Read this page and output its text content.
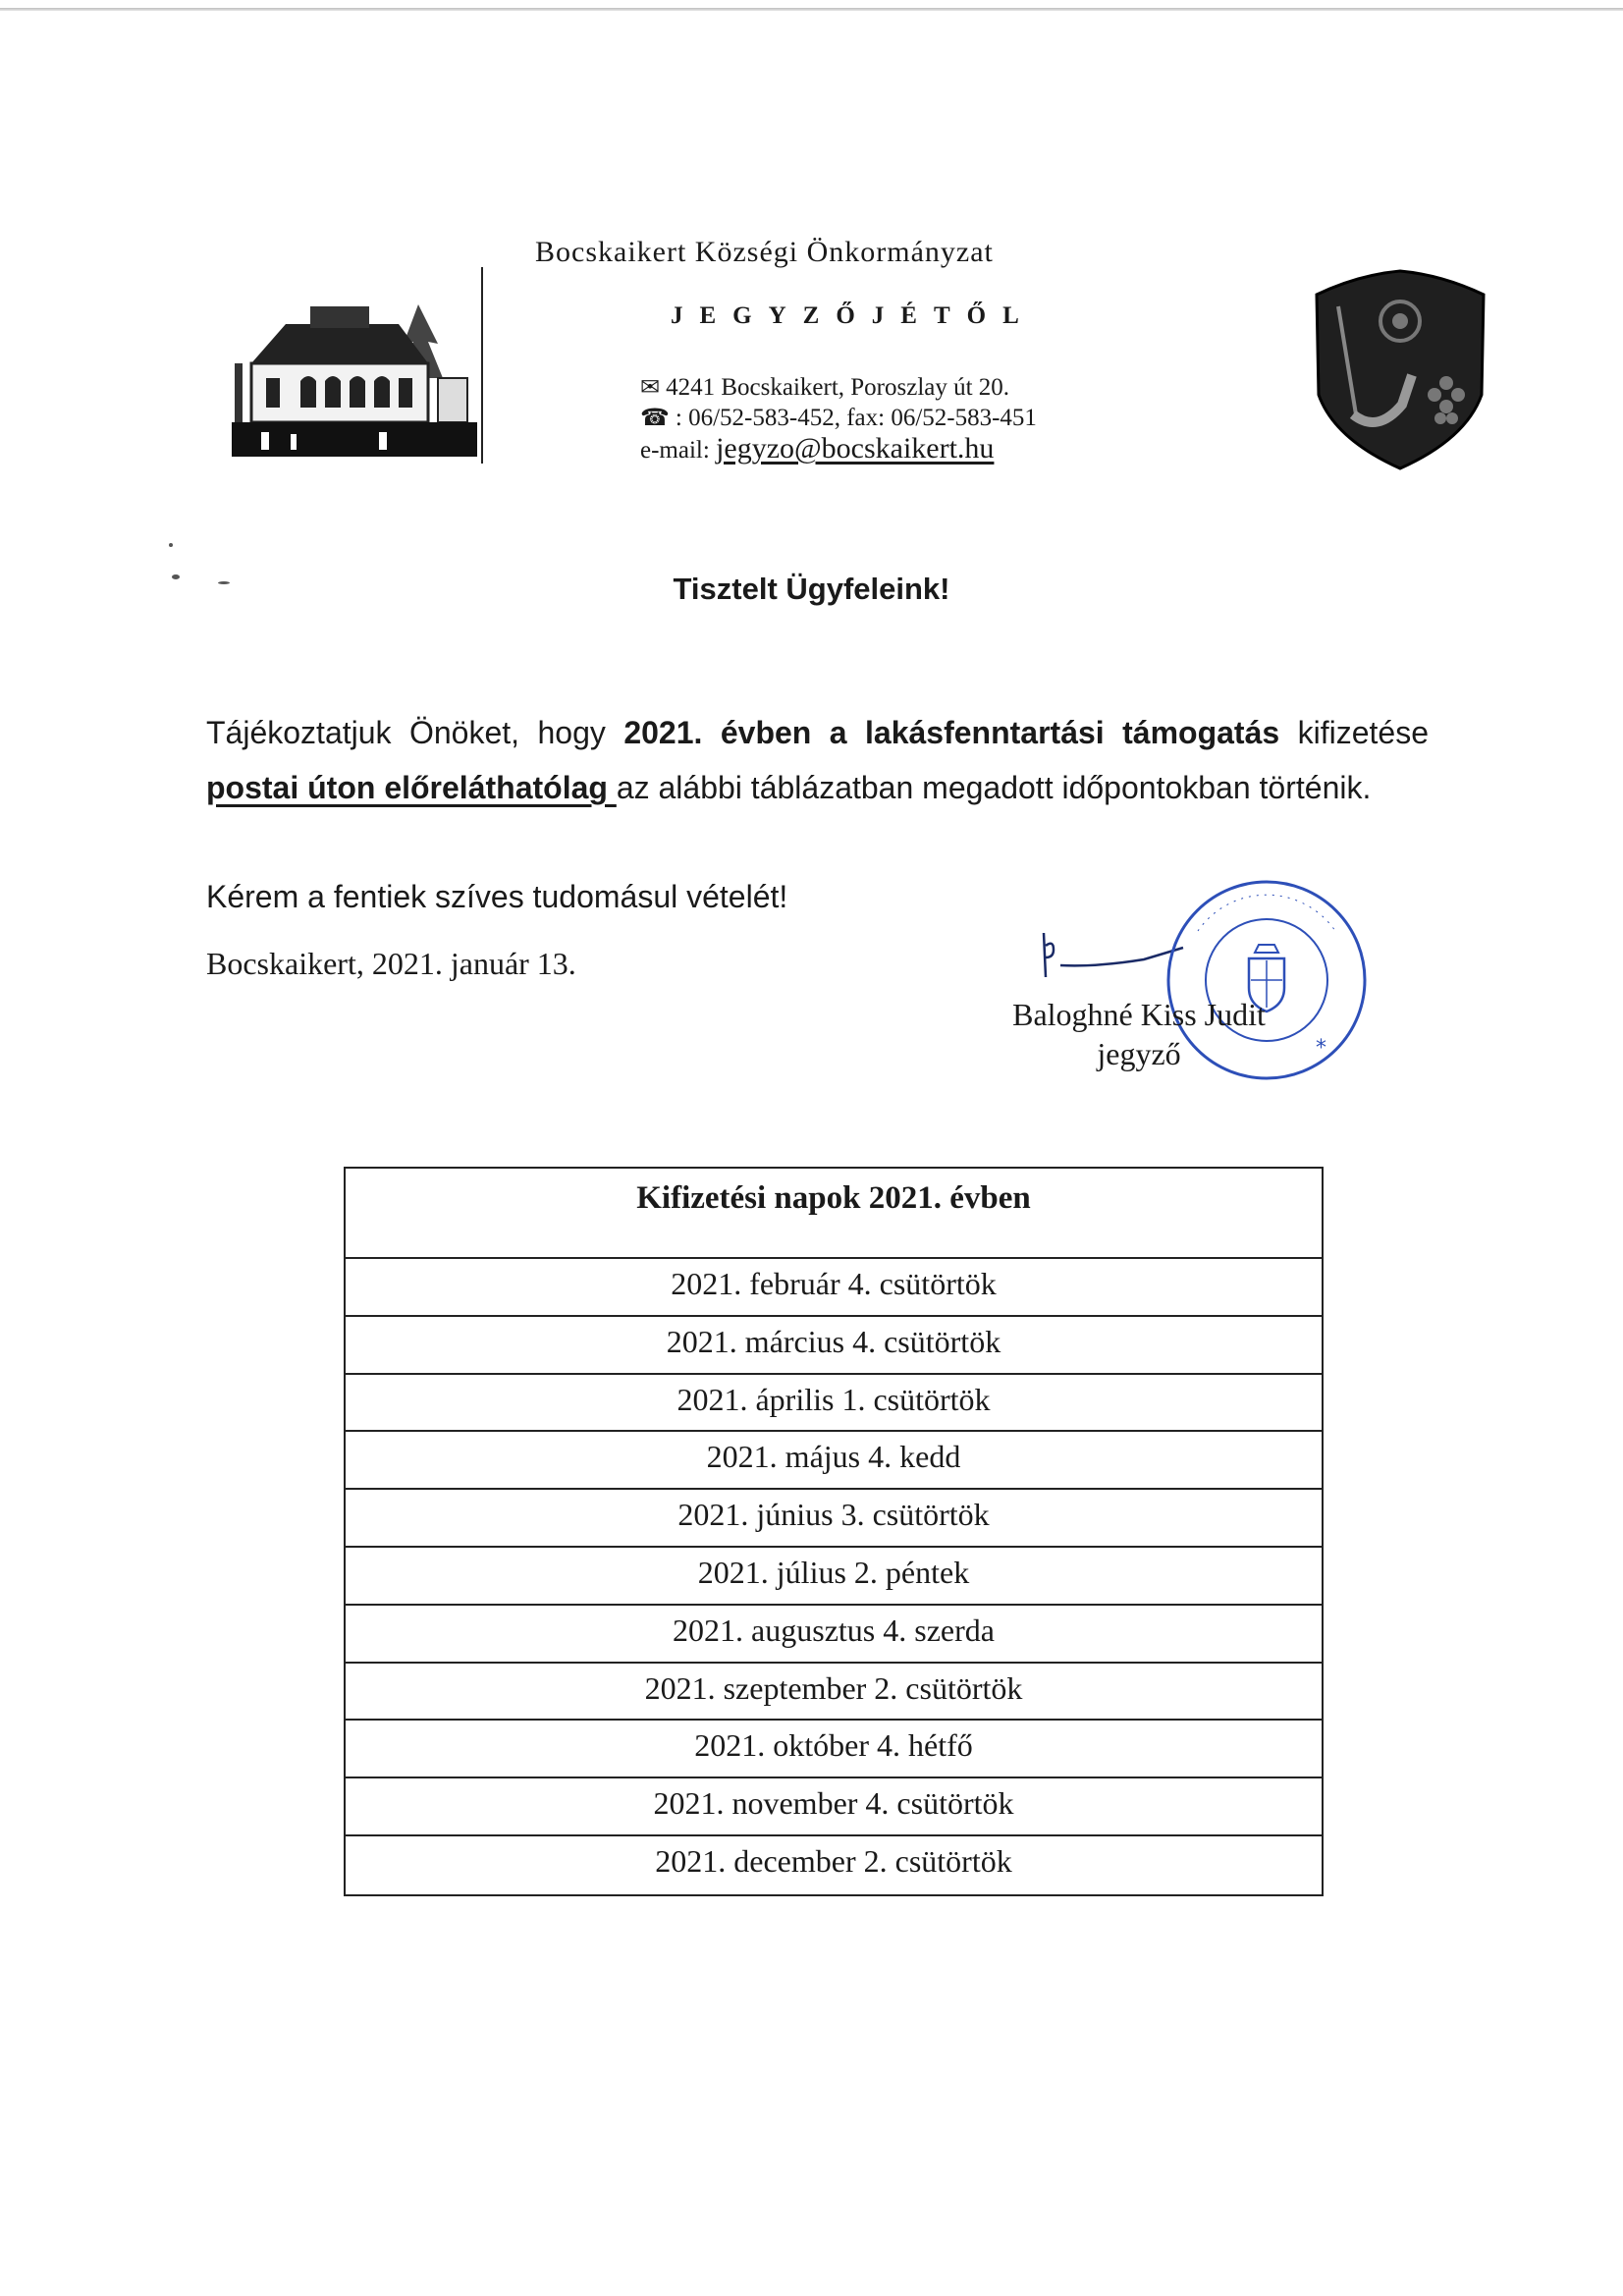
Bocskaikert Községi Önkormányzat
JEGYZŐJÉTŐL
✉ 4241 Bocskaikert, Poroszlay út 20.
☎ : 06/52-583-452, fax: 06/52-583-451
e-mail: jegyzo@bocskaikert.hu
Tisztelt Ügyfeleink!
Tájékoztatjuk Önöket, hogy 2021. évben a lakásfenntartási támogatás kifizetése postai úton előreláthatólag az alábbi táblázatban megadott időpontokban történik.
Kérem a fentiek szíves tudomásul vételét!
Bocskaikert, 2021. január 13.
*
Baloghné Kiss Judit
jegyző
Kifizetési napok 2021. évben
2021. február 4. csütörtök
2021. március 4. csütörtök
2021. április 1. csütörtök
2021. május 4. kedd
2021. június 3. csütörtök
2021. július 2. péntek
2021. augusztus 4. szerda
2021. szeptember 2. csütörtök
2021. október 4. hétfő
2021. november 4. csütörtök
2021. december 2. csütörtök
